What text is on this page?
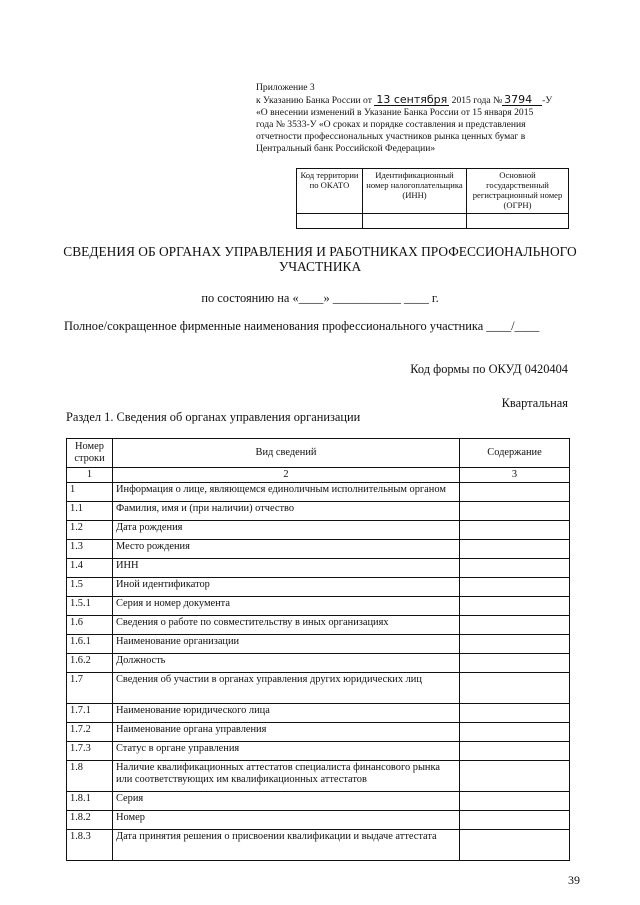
Приложение 3
к Указанию Банка России от 13 сентября 2015 года № 3794 -У
«О внесении изменений в Указание Банка России от 15 января 2015
года № 3533-У «О сроках и порядке составления и представления
отчетности профессиональных участников рынка ценных бумаг в
Центральный банк Российской Федерации»
Код территории по ОКАТО	Идентификационный номер налогоплательщика (ИНН)	Основной государственный регистрационный номер (ОГРН)

СВЕДЕНИЯ ОБ ОРГАНАХ УПРАВЛЕНИЯ И РАБОТНИКАХ ПРОФЕССИОНАЛЬНОГО УЧАСТНИКА
по состоянию на «____» ___________ ____ г.
Полное/сокращенное фирменные наименования профессионального участника ____/____
Код формы по ОКУД 0420404
Квартальная
Раздел 1. Сведения об органах управления организации
Номер строки	Вид сведений	Содержание
1	2	3
1	Информация о лице, являющемся единоличным исполнительным органом	
1.1	Фамилия, имя и (при наличии) отчество	
1.2	Дата рождения	
1.3	Место рождения	
1.4	ИНН	
1.5	Иной идентификатор	
1.5.1	Серия и номер документа	
1.6	Сведения о работе по совместительству в иных организациях	
1.6.1	Наименование организации	
1.6.2	Должность	
1.7	Сведения об участии в органах управления других юридических лиц	
1.7.1	Наименование юридического лица	
1.7.2	Наименование органа управления	
1.7.3	Статус в органе управления	
1.8	Наличие квалификационных аттестатов специалиста финансового рынка или соответствующих им квалификационных аттестатов	
1.8.1	Серия	
1.8.2	Номер	
1.8.3	Дата принятия решения о присвоении квалификации и выдаче аттестата	
39
